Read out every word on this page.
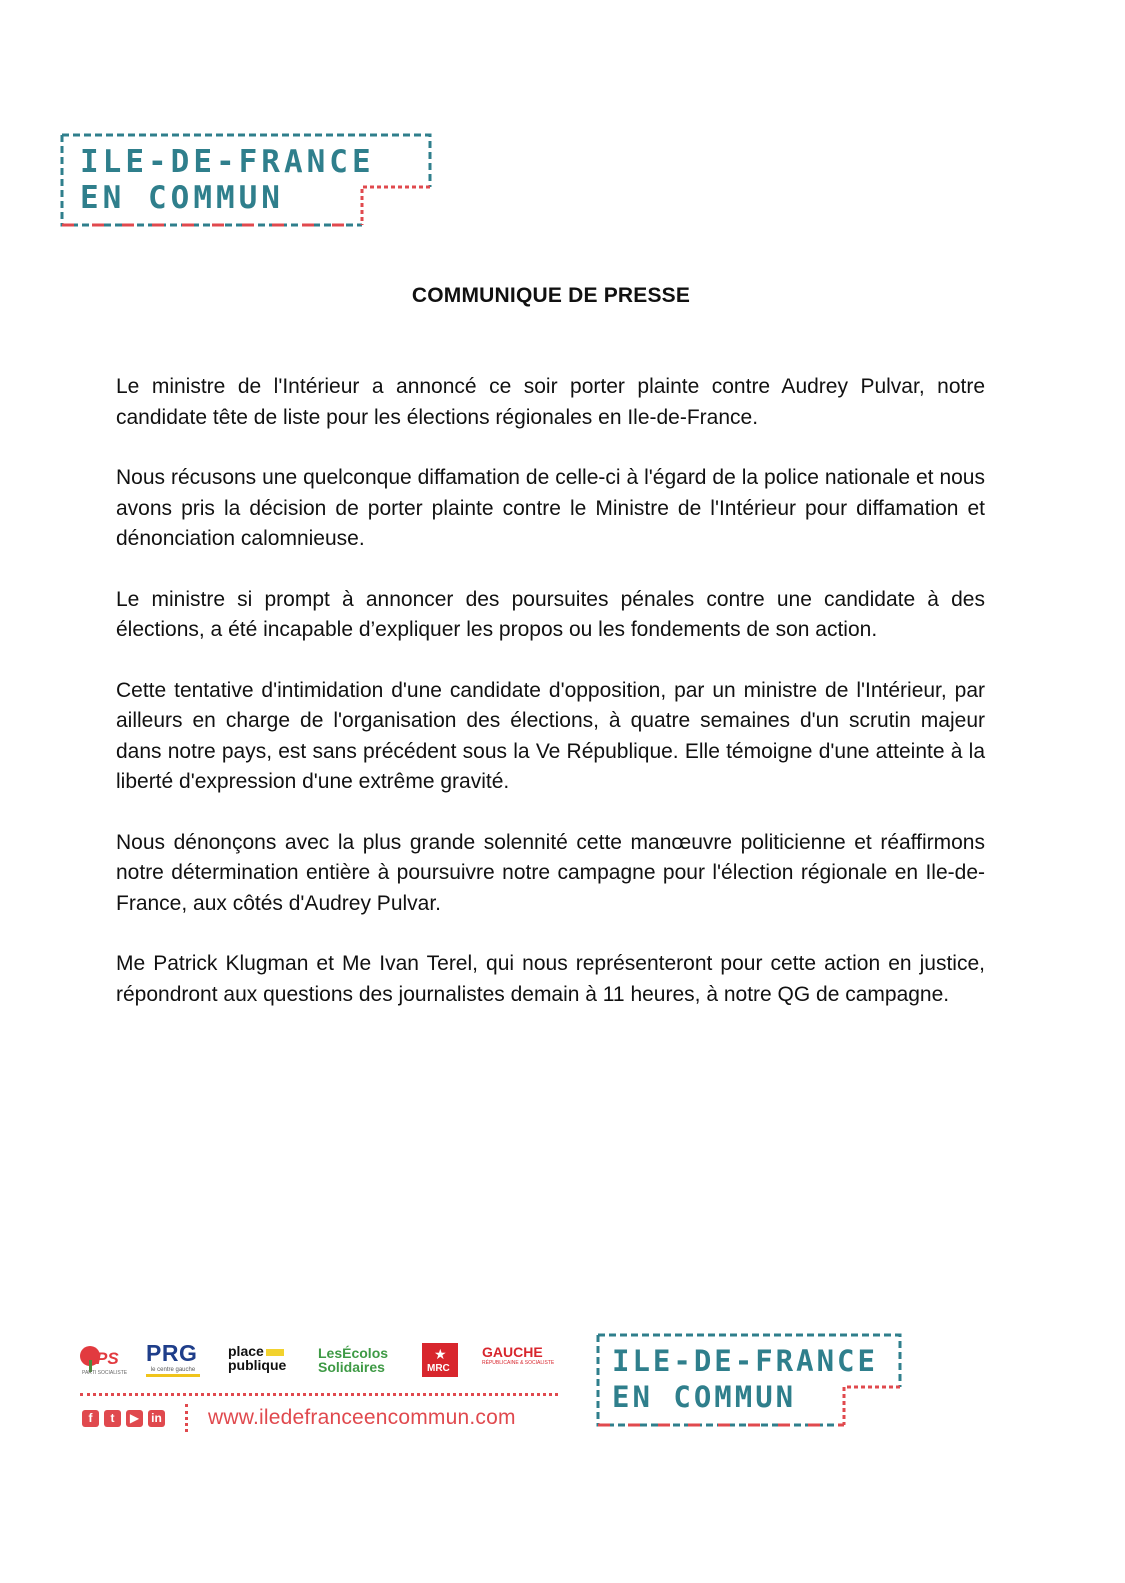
ILE-DE-FRANCE
EN COMMUN
COMMUNIQUE DE PRESSE

Le ministre de l'Intérieur a annoncé ce soir porter plainte contre Audrey Pulvar, notre candidate tête de liste pour les élections régionales en Ile-de-France.

Nous récusons une quelconque diffamation de celle-ci à l'égard de la police nationale et nous avons pris la décision de porter plainte contre le Ministre de l'Intérieur pour diffamation et dénonciation calomnieuse.

Le ministre si prompt à annoncer des poursuites pénales contre une candidate à des élections, a été incapable d’expliquer les propos ou les fondements de son action.

Cette tentative d'intimidation d'une candidate d'opposition, par un ministre de l'Intérieur, par ailleurs en charge de l'organisation des élections, à quatre semaines d'un scrutin majeur dans notre pays, est sans précédent sous la Ve République. Elle témoigne d'une atteinte à la liberté d'expression d'une extrême gravité.

Nous dénonçons avec la plus grande solennité cette manœuvre politicienne et réaffirmons notre détermination entière à poursuivre notre campagne pour l'élection régionale en Ile-de-France, aux côtés d'Audrey Pulvar.

Me Patrick Klugman et Me Ivan Terel, qui nous représenteront pour cette action en justice, répondront aux questions des journalistes demain à 11 heures, à notre QG de campagne.

PS
PARTI SOCIALISTE
PRG
le centre gauche
place
publique
LesÉcolos
Solidaires
★
MRC
GAUCHE
RÉPUBLICAINE & SOCIALISTE
f	t	▶	in www.iledefranceencommun.com
ILE-DE-FRANCE
EN COMMUN
